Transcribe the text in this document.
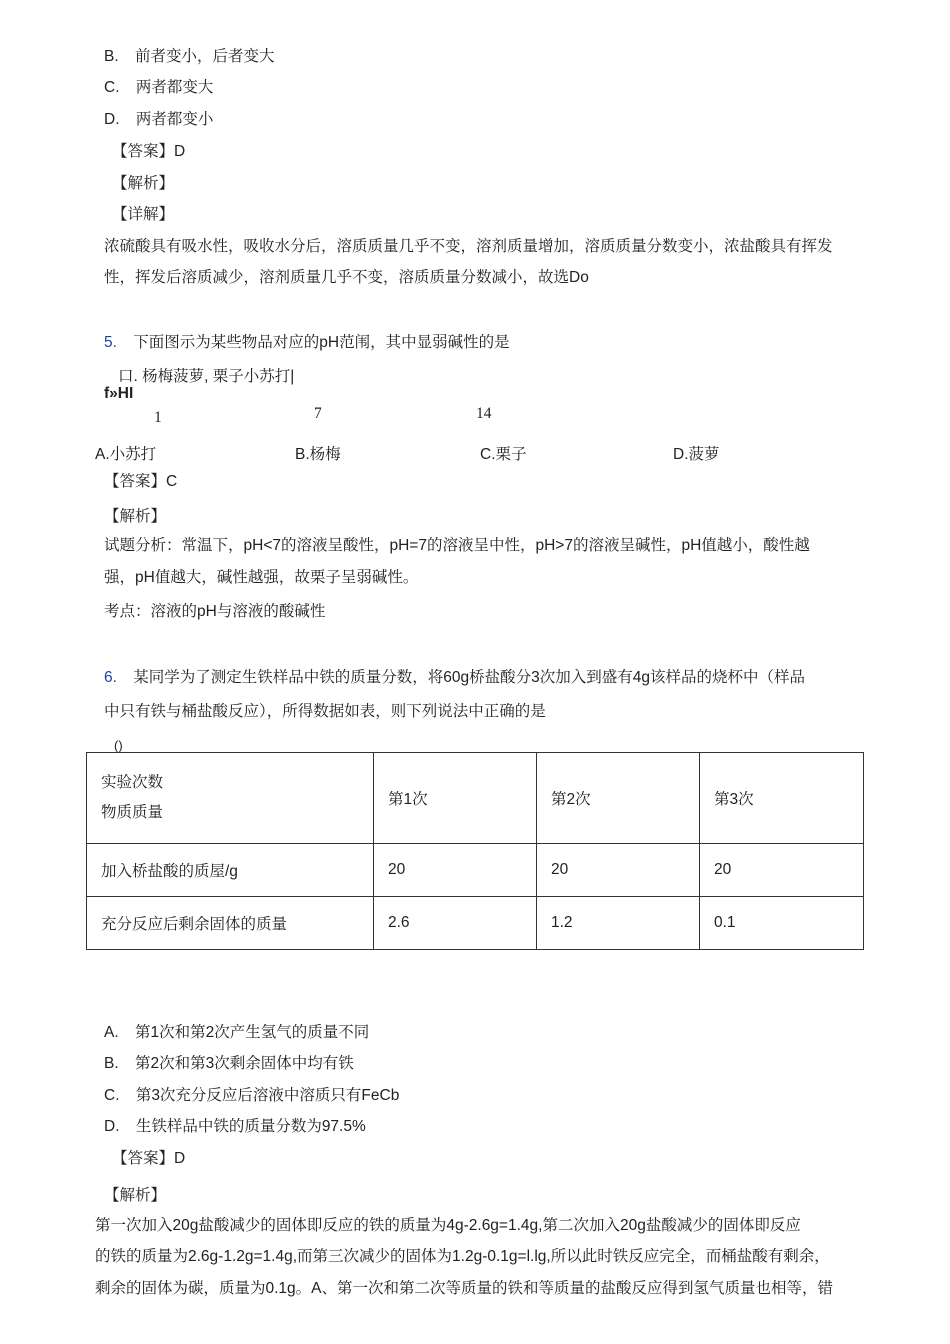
B. 前者变小，后者变大
C. 两者都变大
D. 两者都变小
【答案】D
【解析】
【详解】
浓硫酸具有吸水性，吸收水分后，溶质质量几乎不变，溶剂质量增加，溶质质量分数变小，浓盐酸具有挥发
性，挥发后溶质减少，溶剂质量几乎不变，溶质质量分数减小，故选Do
5. 下面图示为某些物品对应的pH范闱，其中显弱碱性的是
口. 杨梅菠萝, 栗子小苏打|
f»HI
1	7	14
A.小苏打	B.杨梅	C.栗子	D.菠萝
【答案】C
【解析】
试题分析：常温下，pH<7的溶液呈酸性，pH=7的溶液呈中性，pH>7的溶液呈碱性，pH值越小，酸性越
强，pH值越大，碱性越强，故栗子呈弱碱性。
考点：溶液的pH与溶液的酸碱性
6. 某同学为了测定生铁样品中铁的质量分数，将60g桥盐酸分3次加入到盛有4g该样品的烧杯中（样品
中只有铁与桶盐酸反应），所得数据如表，则下列说法中正确的是
()
实验次数
物质质量	第1次	第2次	第3次
加入桥盐酸的质屋/g	20	20	20
充分反应后剩余固体的质量	2.6	1.2	0.1
A. 第1次和第2次产生氢气的质量不同
B. 第2次和第3次剩余固体中均有铁
C. 第3次充分反应后溶液中溶质只有FeCb
D. 生铁样品中铁的质量分数为97.5%
【答案】D
【解析】
第一次加入20g盐酸减少的固体即反应的铁的质量为4g-2.6g=1.4g,第二次加入20g盐酸减少的固体即反应
的铁的质量为2.6g-1.2g=1.4g,而第三次减少的固体为1.2g-0.1g=l.lg,所以此时铁反应完全，而桶盐酸有剩余，
剩余的固体为碳，质量为0.1g。A、第一次和第二次等质量的铁和等质量的盐酸反应得到氢气质量也相等，错
